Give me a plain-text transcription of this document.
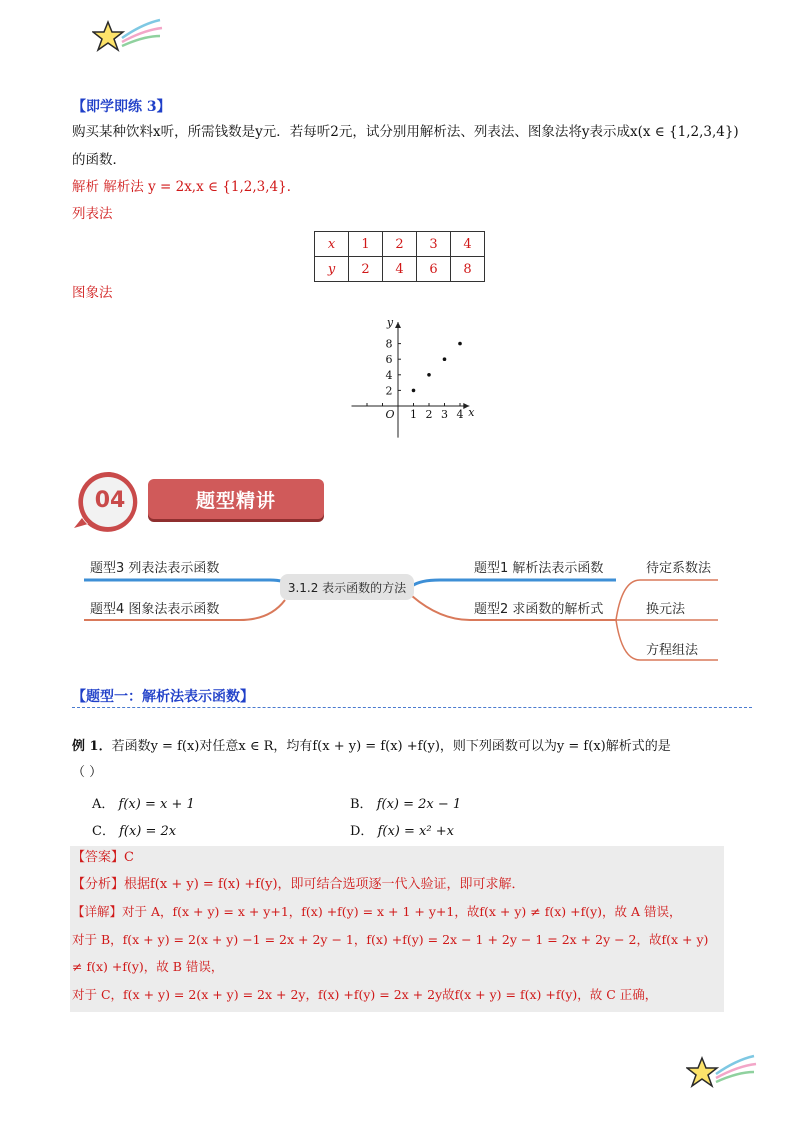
【即学即练 3】
购买某种饮料x听，所需钱数是y元．若每听2元，试分别用解析法、列表法、图象法将y表示成x(x ∈ {1,2,3,4})
的函数．
解析 解析法 y = 2x,x ∈ {1,2,3,4}．
列表法
x	1	2	3	4
y	2	4	6	8
图象法
x
y
O 1 2 3 4
2
4
6
8
04	题型精讲
3.1.2 表示函数的方法
题型3 列表法表示函数
题型4 图象法表示函数
题型1 解析法表示函数
题型2 求函数的解析式
待定系数法
换元法
方程组法
【题型一：解析法表示函数】
例 1．若函数y = f(x)对任意x ∈ R，均有f(x + y) = f(x) +f(y)，则下列函数可以为y = f(x)解析式的是
（ ）
A． f(x) = x + 1	B． f(x) = 2x − 1
C． f(x) = 2x	D． f(x) = x² +x
【答案】C
【分析】根据f(x + y) = f(x) +f(y)，即可结合选项逐一代入验证，即可求解．
【详解】对于 A，f(x + y) = x + y+1，f(x) +f(y) = x + 1 + y+1，故f(x + y) ≠ f(x) +f(y)，故 A 错误，
对于 B，f(x + y) = 2(x + y) −1 = 2x + 2y − 1，f(x) +f(y) = 2x − 1 + 2y − 1 = 2x + 2y − 2，故f(x + y)
≠ f(x) +f(y)，故 B 错误，
对于 C，f(x + y) = 2(x + y) = 2x + 2y，f(x) +f(y) = 2x + 2y故f(x + y) = f(x) +f(y)，故 C 正确，
